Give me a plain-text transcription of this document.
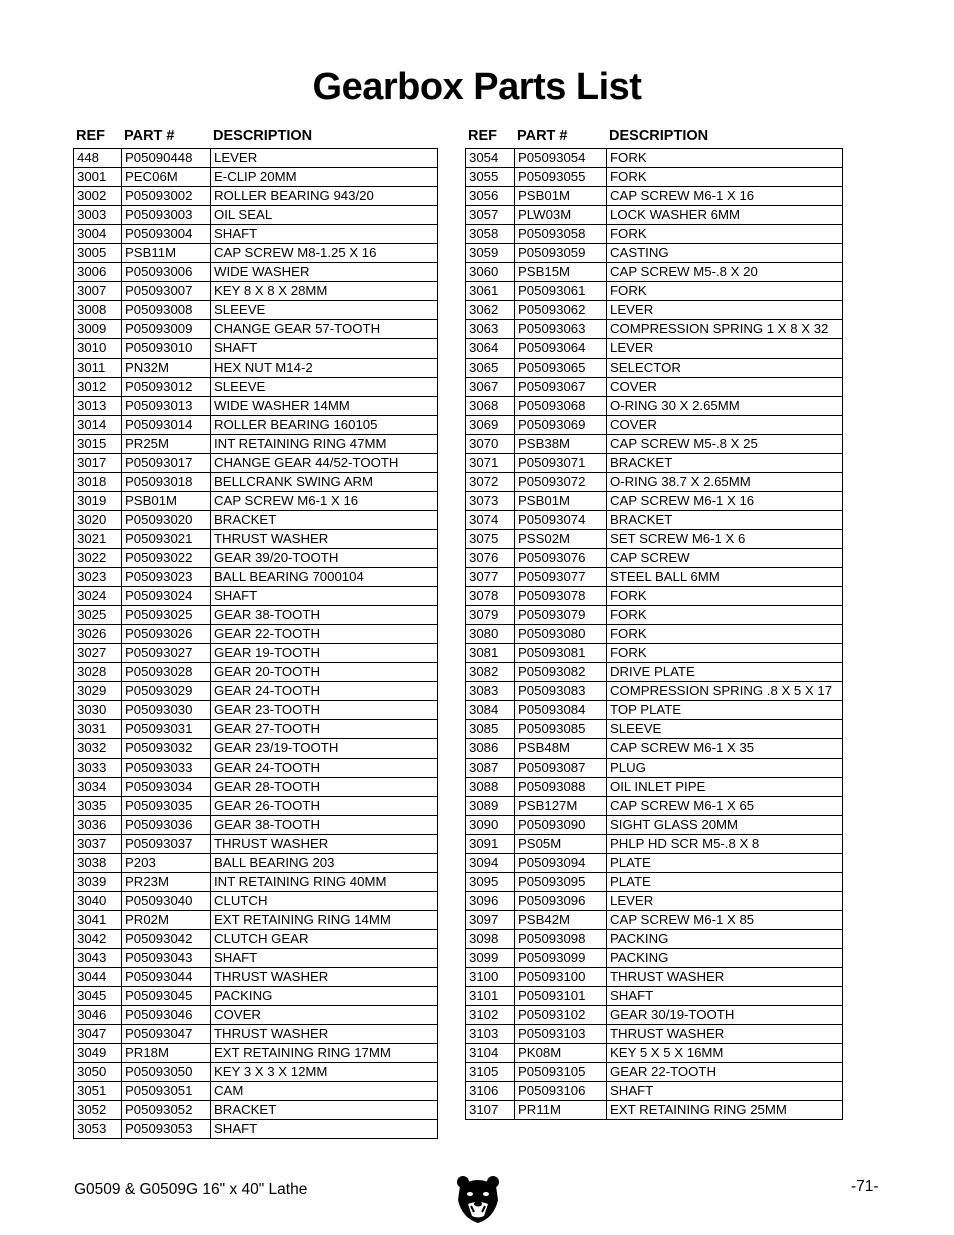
Gearbox Parts List
REF	PART #	DESCRIPTION
448	P05090448	LEVER
3001	PEC06M	E-CLIP 20MM
3002	P05093002	ROLLER BEARING 943/20
3003	P05093003	OIL SEAL
3004	P05093004	SHAFT
3005	PSB11M	CAP SCREW M8-1.25 X 16
3006	P05093006	WIDE WASHER
3007	P05093007	KEY 8 X 8 X 28MM
3008	P05093008	SLEEVE
3009	P05093009	CHANGE GEAR 57-TOOTH
3010	P05093010	SHAFT
3011	PN32M	HEX NUT M14-2
3012	P05093012	SLEEVE
3013	P05093013	WIDE WASHER 14MM
3014	P05093014	ROLLER BEARING 160105
3015	PR25M	INT RETAINING RING 47MM
3017	P05093017	CHANGE GEAR 44/52-TOOTH
3018	P05093018	BELLCRANK SWING ARM
3019	PSB01M	CAP SCREW M6-1 X 16
3020	P05093020	BRACKET
3021	P05093021	THRUST WASHER
3022	P05093022	GEAR 39/20-TOOTH
3023	P05093023	BALL BEARING 7000104
3024	P05093024	SHAFT
3025	P05093025	GEAR 38-TOOTH
3026	P05093026	GEAR 22-TOOTH
3027	P05093027	GEAR 19-TOOTH
3028	P05093028	GEAR 20-TOOTH
3029	P05093029	GEAR 24-TOOTH
3030	P05093030	GEAR 23-TOOTH
3031	P05093031	GEAR 27-TOOTH
3032	P05093032	GEAR 23/19-TOOTH
3033	P05093033	GEAR 24-TOOTH
3034	P05093034	GEAR 28-TOOTH
3035	P05093035	GEAR 26-TOOTH
3036	P05093036	GEAR 38-TOOTH
3037	P05093037	THRUST WASHER
3038	P203	BALL BEARING 203
3039	PR23M	INT RETAINING RING 40MM
3040	P05093040	CLUTCH
3041	PR02M	EXT RETAINING RING 14MM
3042	P05093042	CLUTCH GEAR
3043	P05093043	SHAFT
3044	P05093044	THRUST WASHER
3045	P05093045	PACKING
3046	P05093046	COVER
3047	P05093047	THRUST WASHER
3049	PR18M	EXT RETAINING RING 17MM
3050	P05093050	KEY 3 X 3 X 12MM
3051	P05093051	CAM
3052	P05093052	BRACKET
3053	P05093053	SHAFT
REF	PART #	DESCRIPTION
3054	P05093054	FORK
3055	P05093055	FORK
3056	PSB01M	CAP SCREW M6-1 X 16
3057	PLW03M	LOCK WASHER 6MM
3058	P05093058	FORK
3059	P05093059	CASTING
3060	PSB15M	CAP SCREW M5-.8 X 20
3061	P05093061	FORK
3062	P05093062	LEVER
3063	P05093063	COMPRESSION SPRING 1 X 8 X 32
3064	P05093064	LEVER
3065	P05093065	SELECTOR
3067	P05093067	COVER
3068	P05093068	O-RING 30 X 2.65MM
3069	P05093069	COVER
3070	PSB38M	CAP SCREW M5-.8 X 25
3071	P05093071	BRACKET
3072	P05093072	O-RING 38.7 X 2.65MM
3073	PSB01M	CAP SCREW M6-1 X 16
3074	P05093074	BRACKET
3075	PSS02M	SET SCREW M6-1 X 6
3076	P05093076	CAP SCREW
3077	P05093077	STEEL BALL 6MM
3078	P05093078	FORK
3079	P05093079	FORK
3080	P05093080	FORK
3081	P05093081	FORK
3082	P05093082	DRIVE PLATE
3083	P05093083	COMPRESSION SPRING .8 X 5 X 17
3084	P05093084	TOP PLATE
3085	P05093085	SLEEVE
3086	PSB48M	CAP SCREW M6-1 X 35
3087	P05093087	PLUG
3088	P05093088	OIL INLET PIPE
3089	PSB127M	CAP SCREW M6-1 X 65
3090	P05093090	SIGHT GLASS 20MM
3091	PS05M	PHLP HD SCR M5-.8 X 8
3094	P05093094	PLATE
3095	P05093095	PLATE
3096	P05093096	LEVER
3097	PSB42M	CAP SCREW M6-1 X 85
3098	P05093098	PACKING
3099	P05093099	PACKING
3100	P05093100	THRUST WASHER
3101	P05093101	SHAFT
3102	P05093102	GEAR 30/19-TOOTH
3103	P05093103	THRUST WASHER
3104	PK08M	KEY 5 X 5 X 16MM
3105	P05093105	GEAR 22-TOOTH
3106	P05093106	SHAFT
3107	PR11M	EXT RETAINING RING 25MM
G0509 & G0509G 16" x 40" Lathe	-71-
